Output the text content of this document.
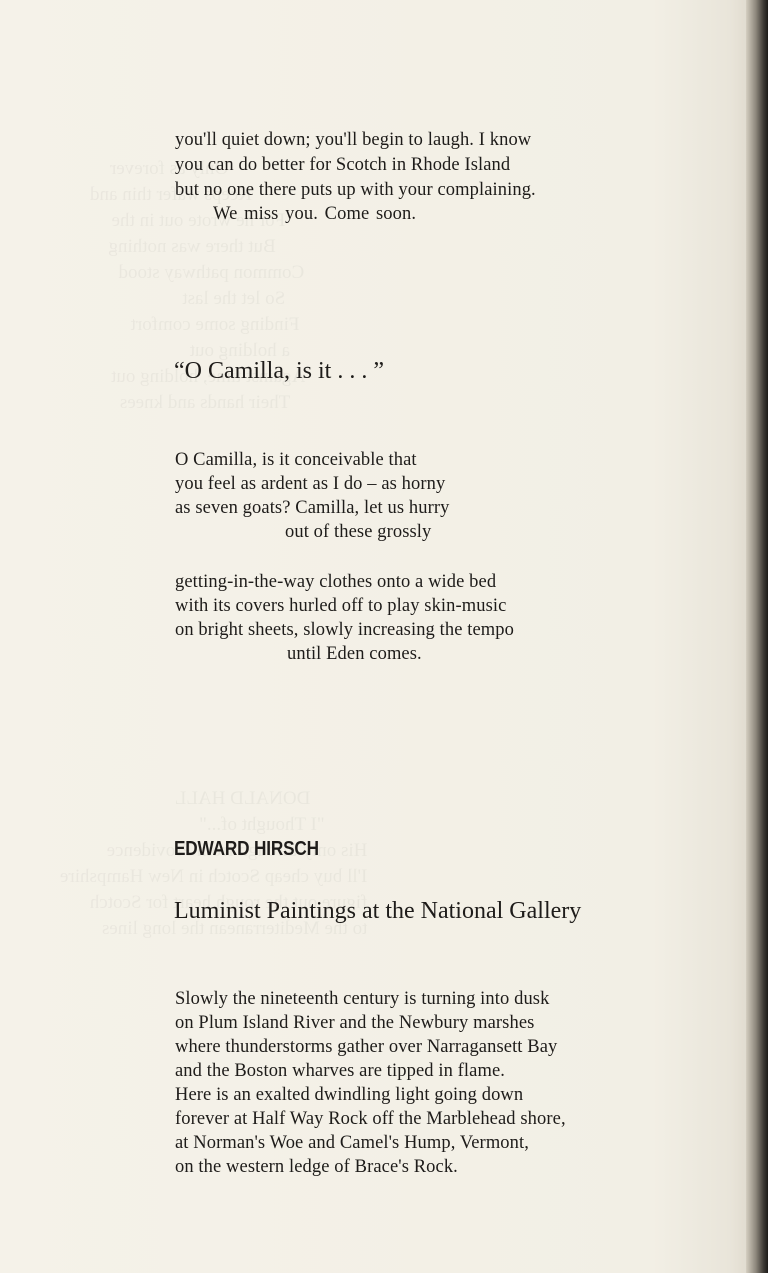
you'll quiet down; you'll begin to laugh. I know
you can do better for Scotch in Rhode Island
but no one there puts up with your complaining.
We miss you. Come soon.
“O Camilla, is it . . . ”
O Camilla, is it conceivable that
you feel as ardent as I do – as horny
as seven goats? Camilla, let us hurry
out of these grossly
getting-in-the-way clothes onto a wide bed
with its covers hurled off to play skin-music
on bright sheets, slowly increasing the tempo
until Eden comes.
EDWARD HIRSCH
Luminist Paintings at the National Gallery
Slowly the nineteenth century is turning into dusk
on Plum Island River and the Newbury marshes
where thunderstorms gather over Narragansett Bay
and the Boston wharves are tipped in flame.
Here is an exalted dwindling light going down
forever at Half Way Rock off the Marblehead shore,
at Norman's Woe and Camel's Hump, Vermont,
on the western ledge of Brace's Rock.
